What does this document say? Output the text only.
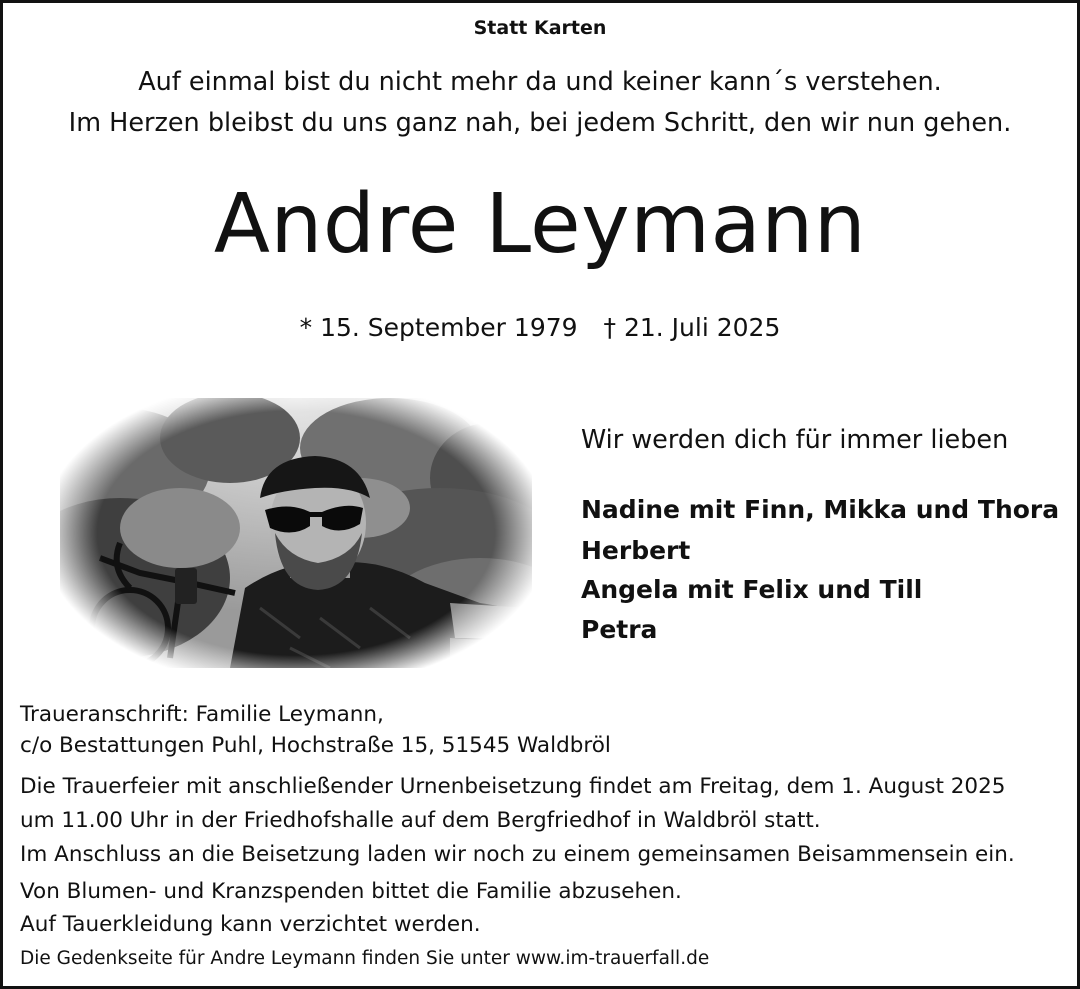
Statt Karten
Auf einmal bist du nicht mehr da und keiner kann´s verstehen.
Im Herzen bleibst du uns ganz nah, bei jedem Schritt, den wir nun gehen.
Andre Leymann
* 15. September 1979 † 21. Juli 2025
Wir werden dich für immer lieben
Nadine mit Finn, Mikka und Thora
Herbert
Angela mit Felix und Till
Petra
Traueranschrift: Familie Leymann,
c/o Bestattungen Puhl, Hochstraße 15, 51545 Waldbröl
Die Trauerfeier mit anschließender Urnenbeisetzung findet am Freitag, dem 1. August 2025
um 11.00 Uhr in der Friedhofshalle auf dem Bergfriedhof in Waldbröl statt.
Im Anschluss an die Beisetzung laden wir noch zu einem gemeinsamen Beisammensein ein.
Von Blumen- und Kranzspenden bittet die Familie abzusehen.
Auf Tauerkleidung kann verzichtet werden.
Die Gedenkseite für Andre Leymann finden Sie unter www.im-trauerfall.de
